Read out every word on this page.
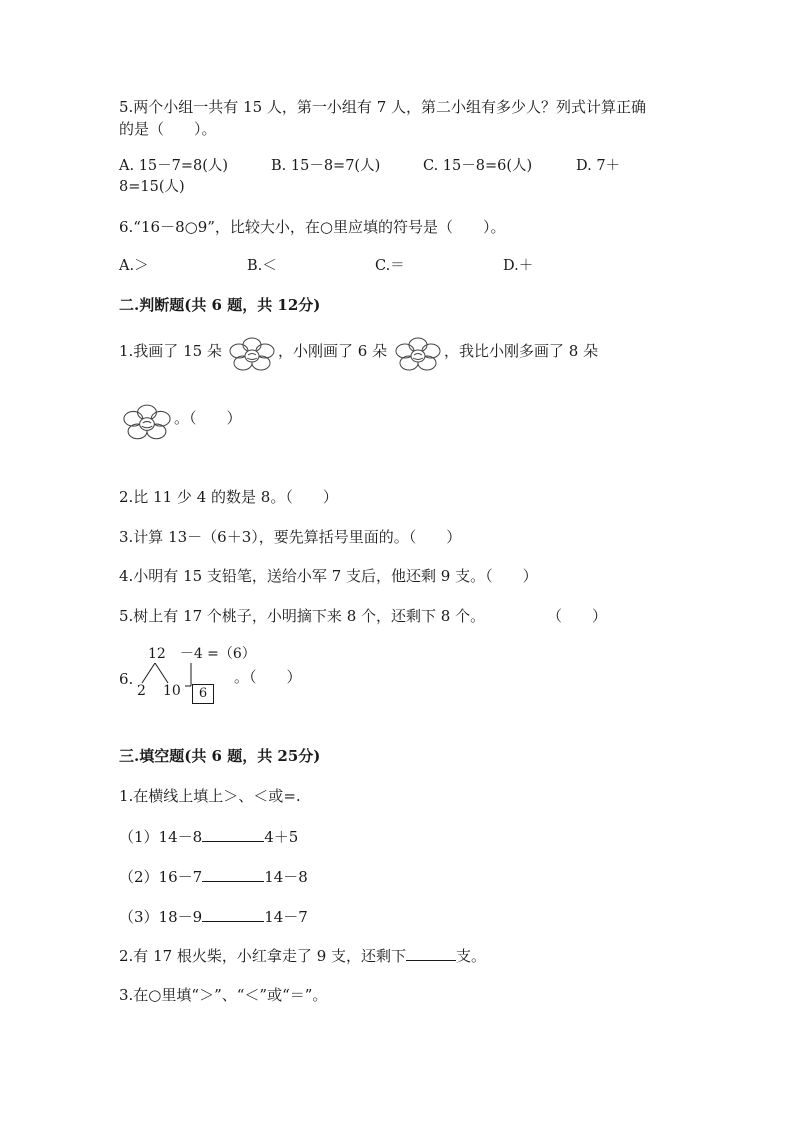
5.两个小组一共有 15 人，第一小组有 7 人，第二小组有多少人？列式计算正确
的是（　　）。
A. 15－7=8(人)	B. 15－8=7(人)	C. 15－8=6(人)	D. 7＋
8=15(人)
6.“16－8○9”，比较大小，在○里应填的符号是（　　）。
A.＞	B.＜	C.＝	D.＋
二.判断题(共 6 题，共 12分)
1.我画了 15 朵	，小刚画了 6 朵	，我比小刚多画了 8 朵
。（　　）
2.比 11 少 4 的数是 8。（　　）
3.计算 13－（6＋3），要先算括号里面的。（　　）
4.小明有 15 支铅笔，送给小军 7 支后，他还剩 9 支。（　　）
5.树上有 17 个桃子，小明摘下来 8 个，还剩下 8 个。	（　　）
12　－4 =（6）
6.
2 10	6
。（　　）
三.填空题(共 6 题，共 25分)
1.在横线上填上＞、＜或=.
（1）14－8	4＋5
（2）16－7	14－8
（3）18－9	14－7
2.有 17 根火柴，小红拿走了 9 支，还剩下	支。
3.在○里填“＞”、“＜”或“＝”。
